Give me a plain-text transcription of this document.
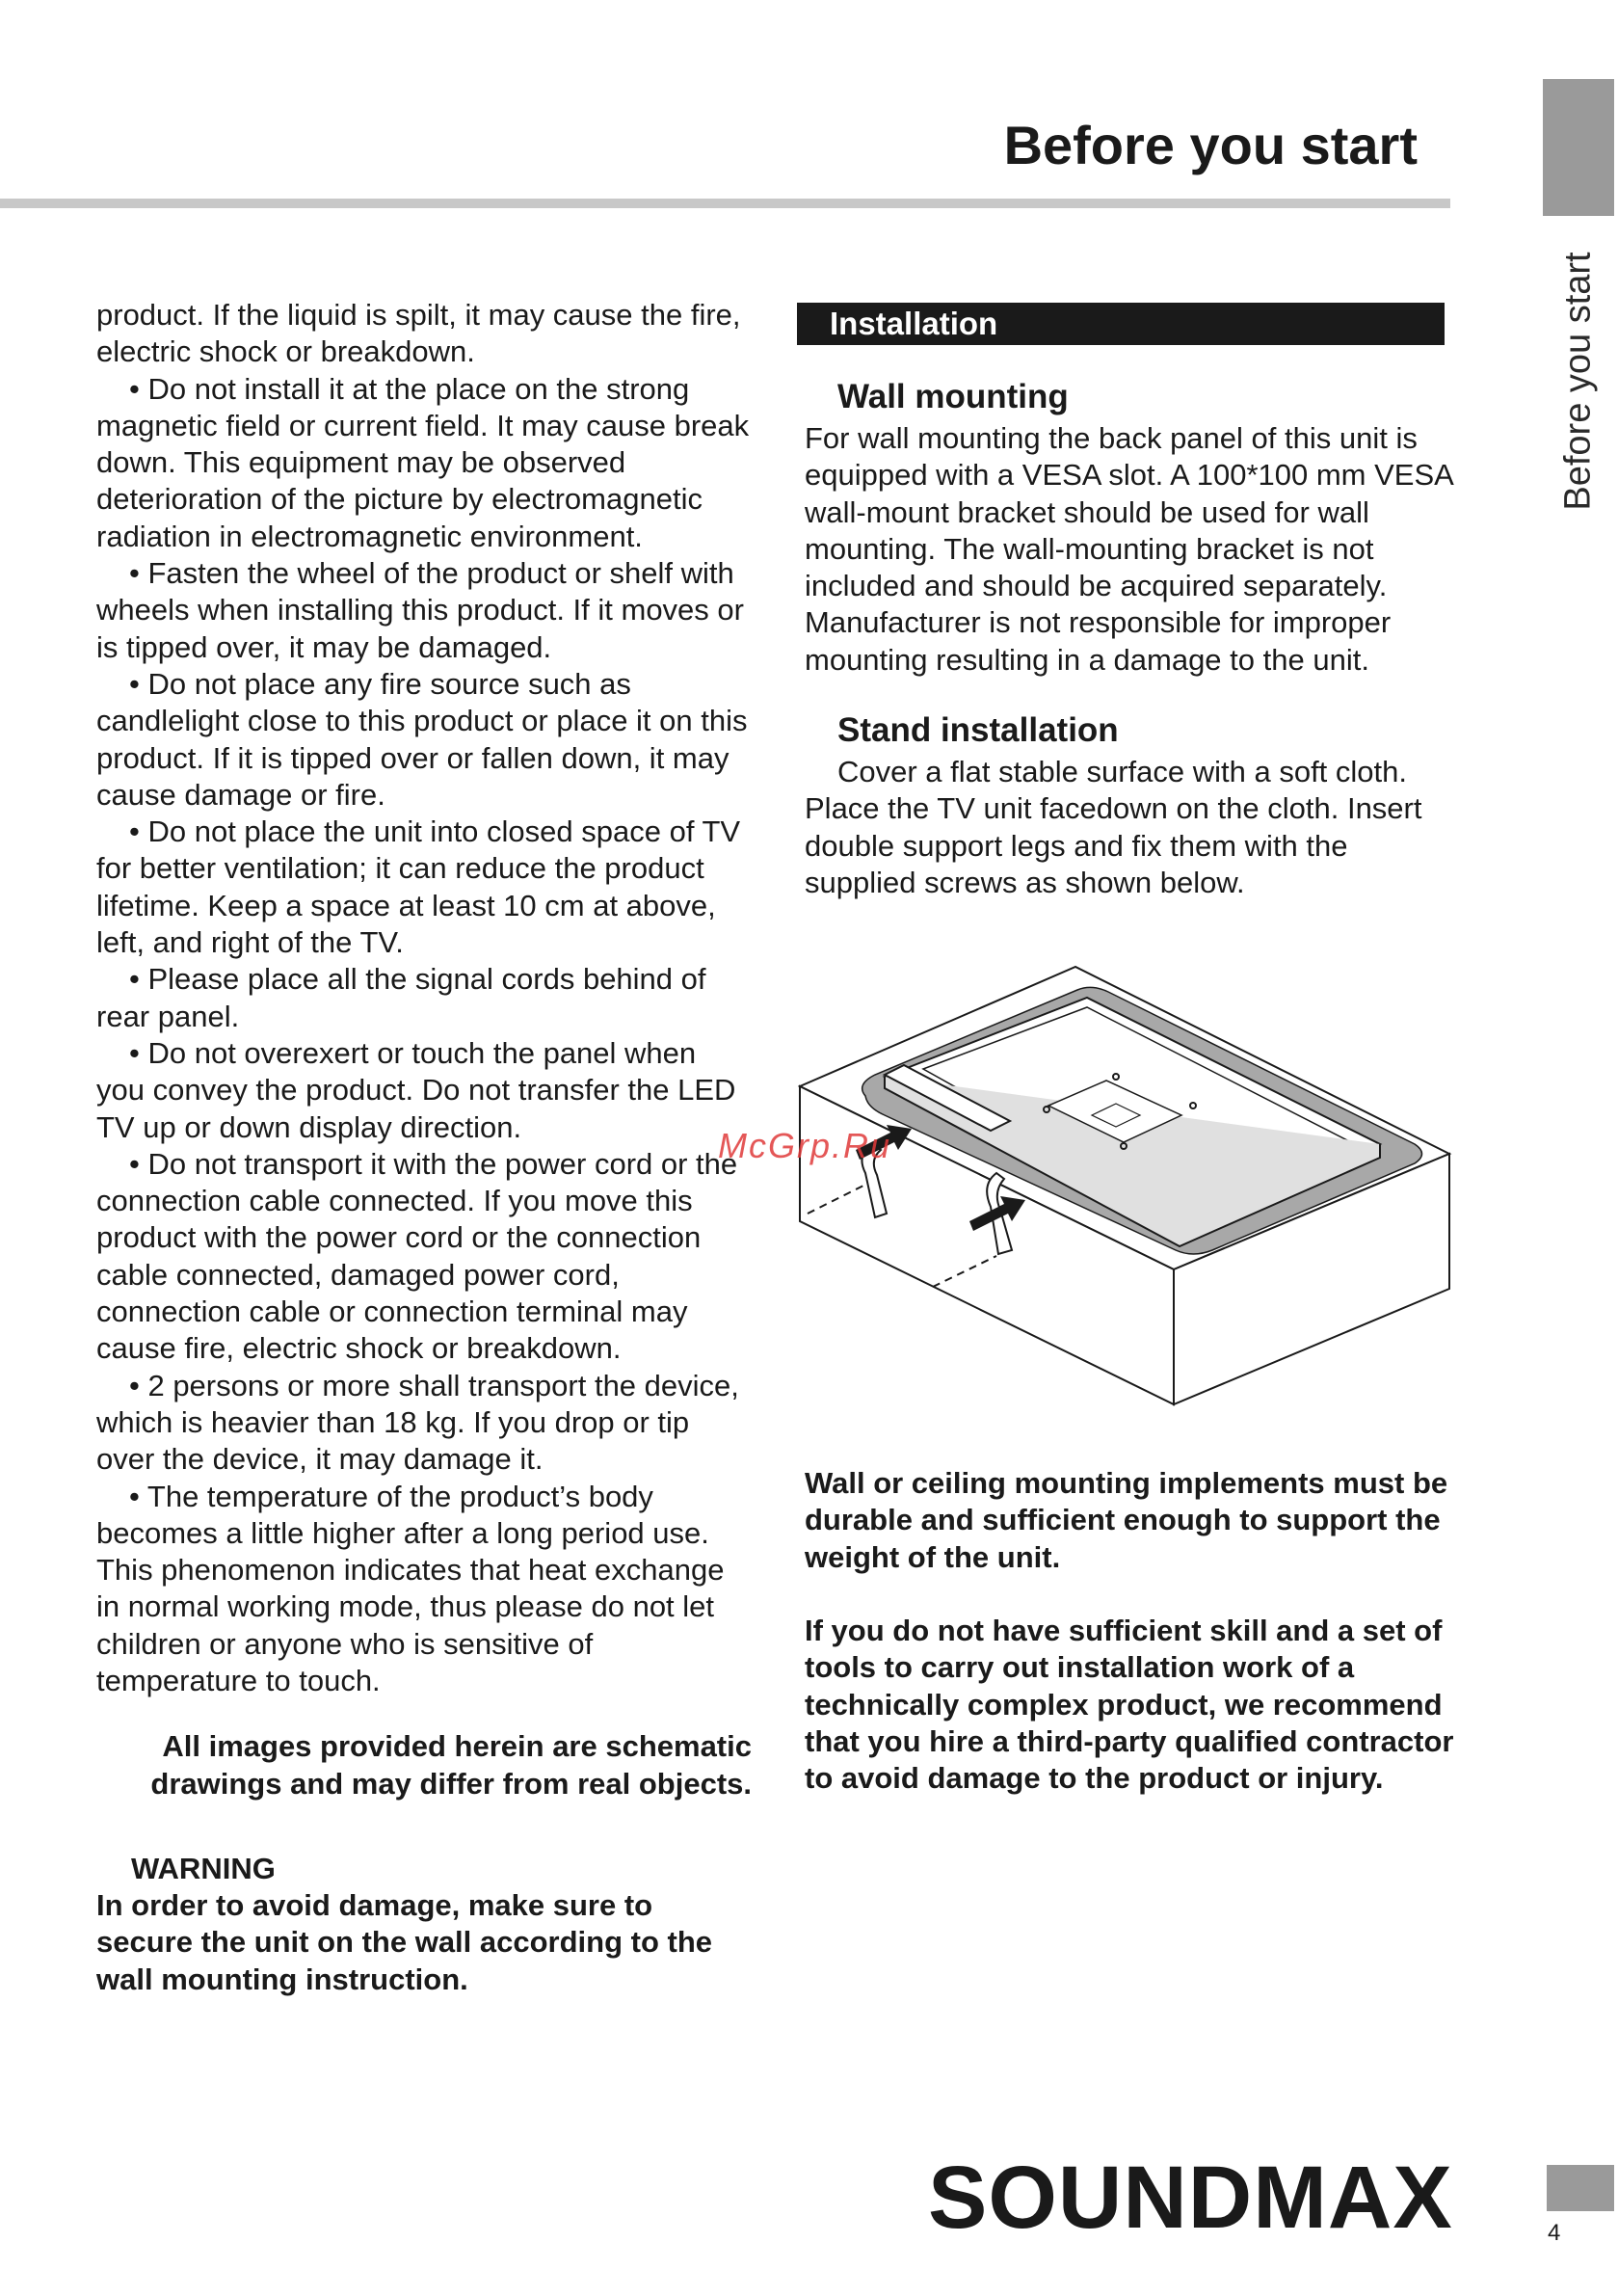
Before you start
Before you start

product. If the liquid is spilt, it may cause the fire, electric shock or breakdown.

• Do not install it at the place on the strong magnetic field or current field. It may cause break down. This equipment may be observed deterioration of the picture by electromagnetic radiation in electromagnetic environment.

• Fasten the wheel of the product or shelf with wheels when installing this product. If it moves or is tipped over, it may be damaged.

• Do not place any fire source such as candlelight close to this product or place it on this product. If it is tipped over or fallen down, it may cause damage or fire.

• Do not place the unit into closed space of TV for better ventilation; it can reduce the product lifetime. Keep a space at least 10 cm at above, left, and right of the TV.

• Please place all the signal cords behind of rear panel.

• Do not overexert or touch the panel when you convey the product. Do not transfer the LED TV up or down display direction.

• Do not transport it with the power cord or the connection cable connected. If you move this product with the power cord or the connection cable connected, damaged power cord, connection cable or connection terminal may cause fire, electric shock or breakdown.

• 2 persons or more shall transport the device, which is heavier than 18 kg. If you drop or tip over the device, it may damage it.

• The temperature of the product’s body becomes a little higher after a long period use. This phenomenon indicates that heat exchange in normal working mode, thus please do not let children or anyone who is sensitive of temperature to touch.

All images provided herein are schematic drawings and may differ from real objects.

WARNING

In order to avoid damage, make sure to secure the unit on the wall according to the wall mounting instruction.

Installation

Wall mounting

For wall mounting the back panel of this unit is equipped with a VESA slot. A 100*100 mm VESA wall-mount bracket should be used for wall mounting. The wall-mounting bracket is not included and should be acquired separately. Manufacturer is not responsible for improper mounting resulting in a damage to the unit.

Stand installation

Cover a flat stable surface with a soft cloth. Place the TV unit facedown on the cloth. Insert double support legs and fix them with the supplied screws as shown below.

Wall or ceiling mounting implements must be durable and sufficient enough to support the weight of the unit.

If you do not have sufficient skill and a set of tools to carry out installation work of a technically complex product, we recommend that you hire a third-party qualified contractor to avoid damage to the product or injury.

McGrp.Ru
SOUNDMAX	4
